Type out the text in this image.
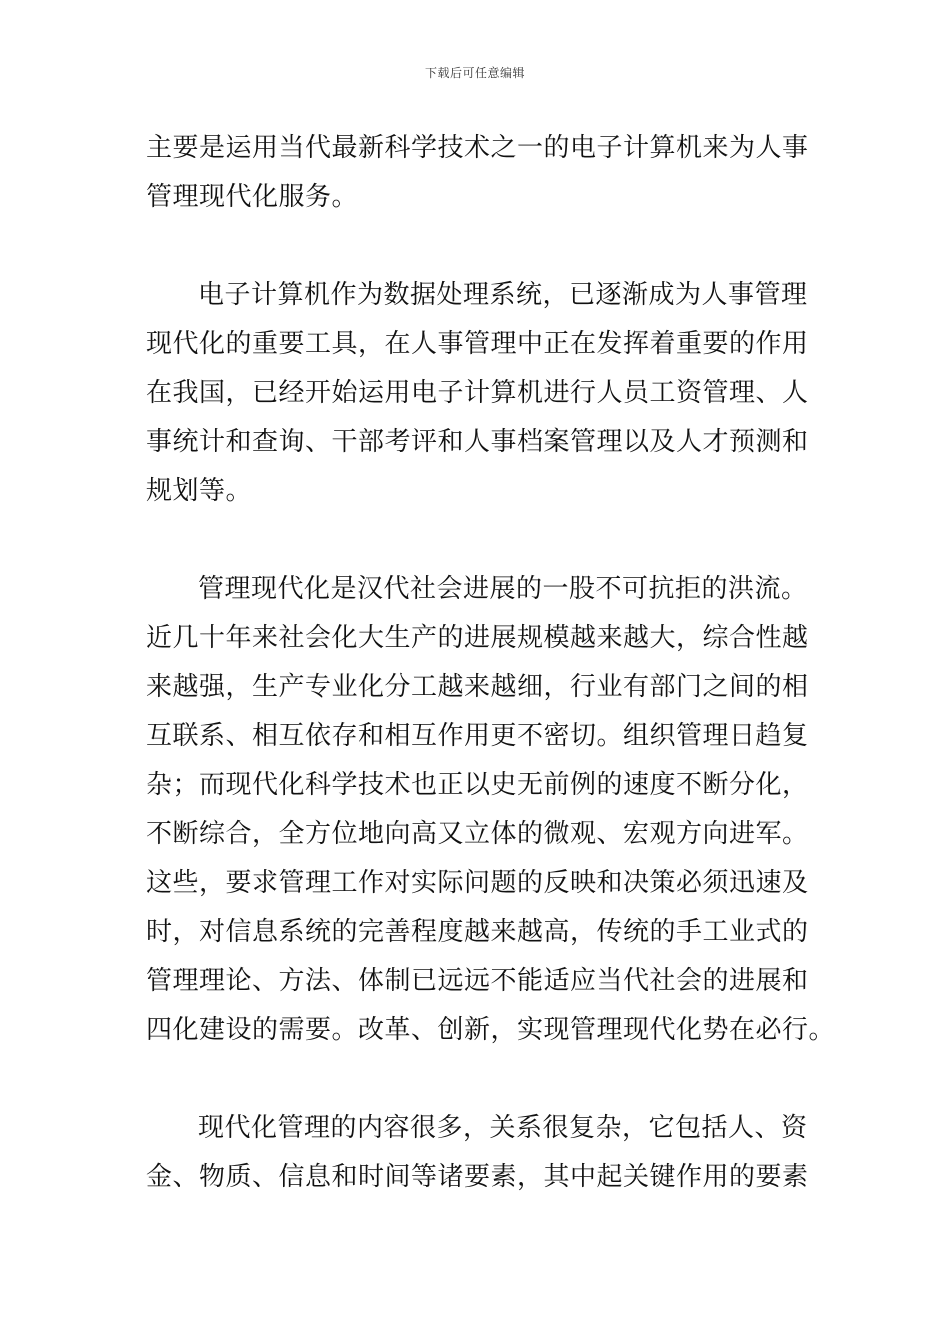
下载后可任意编辑
主要是运用当代最新科学技术之一的电子计算机来为人事
管理现代化服务。
电子计算机作为数据处理系统，已逐渐成为人事管理
现代化的重要工具，在人事管理中正在发挥着重要的作用
在我国，已经开始运用电子计算机进行人员工资管理、人
事统计和查询、干部考评和人事档案管理以及人才预测和
规划等。
管理现代化是汉代社会进展的一股不可抗拒的洪流。
近几十年来社会化大生产的进展规模越来越大，综合性越
来越强，生产专业化分工越来越细，行业有部门之间的相
互联系、相互依存和相互作用更不密切。组织管理日趋复
杂；而现代化科学技术也正以史无前例的速度不断分化，
不断综合，全方位地向高又立体的微观、宏观方向进军。
这些，要求管理工作对实际问题的反映和决策必须迅速及
时，对信息系统的完善程度越来越高，传统的手工业式的
管理理论、方法、体制已远远不能适应当代社会的进展和
四化建设的需要。改革、创新，实现管理现代化势在必行。
现代化管理的内容很多，关系很复杂，它包括人、资
金、物质、信息和时间等诸要素，其中起关键作用的要素
